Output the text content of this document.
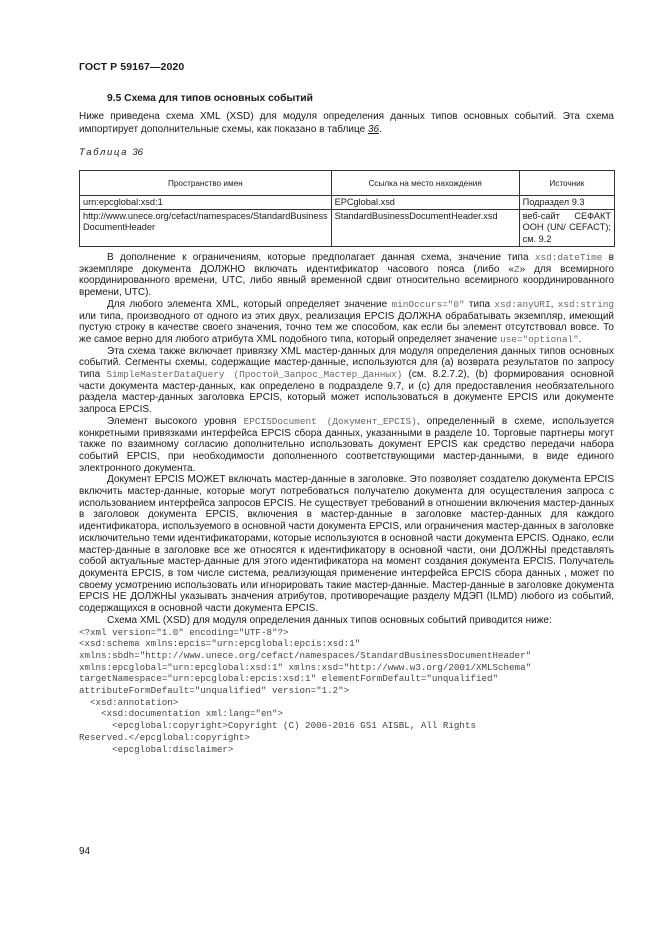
ГОСТ Р 59167—2020
9.5 Схема для типов основных событий

Ниже приведена схема XML (XSD) для модуля определения данных типов основных событий. Эта схема импортирует дополнительные схемы, как показано в таблице 36.

Таблица 36
Пространство имен	Ссылка на место нахождения	Источник
urn:epcglobal:xsd:1	EPCglobal.xsd	Подраздел 9.3
http://www.unece.org/cefact/namespaces/StandardBusiness DocumentHeader	StandardBusinessDocumentHeader.xsd	веб-сайт СЕФАКТ ООН (UN/ CEFACT); см. 9.2

В дополнение к ограничениям, которые предполагает данная схема, значение типа xsd:dateTime в экземпляре документа ДОЛЖНО включать идентификатор часового пояса (либо «Z» для всемирного координированного времени, UTC, либо явный временной сдвиг относительно всемирного координированного времени, UTC).

Для любого элемента XML, который определяет значение minOccurs="0" типа xsd:anyURI, xsd:string или типа, производного от одного из этих двух, реализация EPCIS ДОЛЖНА обрабатывать экземпляр, имеющий пустую строку в качестве своего значения, точно тем же способом, как если бы элемент отсутствовал вовсе. То же самое верно для любого атрибута XML подобного типа, который определяет значение use="optional".

Эта схема также включает привязку XML мастер-данных для модуля определения данных типов основных событий. Сегменты схемы, содержащие мастер-данные, используются для (a) возврата результатов по запросу типа SimpleMasterDataQuery (Простой_Запрос_Мастер_Данных) (см. 8.2.7.2), (b) формирования основной части документа мастер-данных, как определено в подразделе 9.7, и (c) для предоставления необязательного раздела мастер-данных заголовка EPCIS, который может использоваться в документе EPCIS или документе запроса EPCIS.

Элемент высокого уровня EPCISDocument (Документ_EPCIS), определенный в схеме, используется конкретными привязками интерфейса EPCIS сбора данных, указанными в разделе 10. Торговые партнеры могут также по взаимному согласию дополнительно использовать документ EPCIS как средство передачи набора событий EPCIS, при необходимости дополненного соответствующими мастер-данными, в виде единого электронного документа.

Документ EPCIS МОЖЕТ включать мастер-данные в заголовке. Это позволяет создателю документа EPCIS включить мастер-данные, которые могут потребоваться получателю документа для осуществления запроса с использованием интерфейса запросов EPCIS. Не существует требований в отношении включения мастер-данных в заголовок документа EPCIS, включения в мастер-данные в заголовке мастер-данных для каждого идентификатора, используемого в основной части документа EPCIS, или ограничения мастер-данных в заголовке исключительно теми идентификаторами, которые используются в основной части документа EPCIS. Однако, если мастер-данные в заголовке все же относятся к идентификатору в основной части, они ДОЛЖНЫ представлять собой актуальные мастер-данные для этого идентификатора на момент создания документа EPCIS. Получатель документа EPCIS, в том числе система, реализующая применение интерфейса EPCIS сбора данных , может по своему усмотрению использовать или игнорировать такие мастер-данные. Мастер-данные в заголовке документа EPCIS НЕ ДОЛЖНЫ указывать значения атрибутов, противоречащие разделу МДЭП (ILMD) любого из событий, содержащихся в основной части документа EPCIS.

Схема XML (XSD) для модуля определения данных типов основных событий приводится ниже:

<?xml version="1.0" encoding="UTF-8"?>
<xsd:schema xmlns:epcis="urn:epcglobal:epcis:xsd:1"
xmlns:sbdh="http://www.unece.org/cefact/namespaces/StandardBusinessDocumentHeader"
xmlns:epcglobal="urn:epcglobal:xsd:1" xmlns:xsd="http://www.w3.org/2001/XMLSchema"
targetNamespace="urn:epcglobal:epcis:xsd:1" elementFormDefault="unqualified"
attributeFormDefault="unqualified" version="1.2">
<xsd:annotation>
<xsd:documentation xml:lang="en">
<epcglobal:copyright>Copyright (C) 2006-2016 GS1 AISBL, All Rights
Reserved.</epcglobal:copyright>
<epcglobal:disclaimer>
94
